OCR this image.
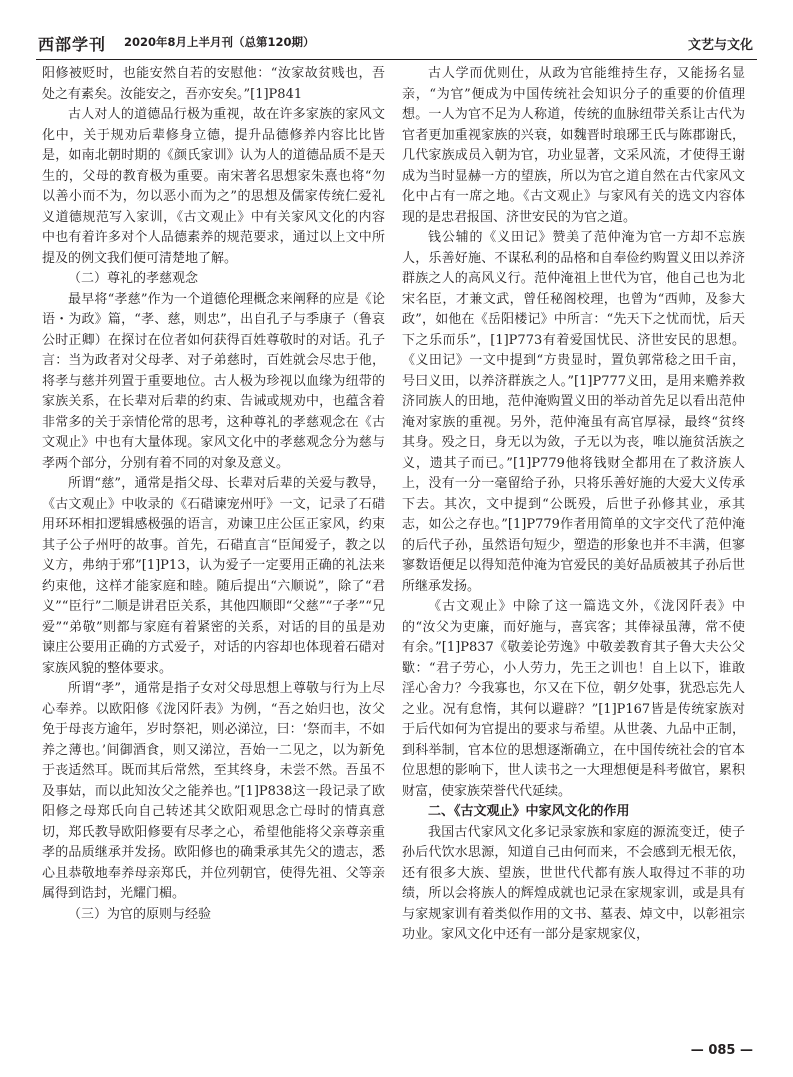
西部学刊 2020年8月上半月刊（总第120期）	文艺与文化

阳修被贬时，也能安然自若的安慰他：“汝家故贫贱也，吾处之有素矣。汝能安之，吾亦安矣。”[1]P841

古人对人的道德品行极为重视，故在许多家族的家风文化中，关于规劝后辈修身立德，提升品德修养内容比比皆是，如南北朝时期的《颜氏家训》认为人的道德品质不是天生的，父母的教育极为重要。南宋著名思想家朱熹也将“勿以善小而不为，勿以恶小而为之”的思想及儒家传统仁爱礼义道德规范写入家训，《古文观止》中有关家风文化的内容中也有着许多对个人品德素养的规范要求，通过以上文中所提及的例文我们便可清楚地了解。

（二）尊礼的孝慈观念

最早将“孝慈”作为一个道德伦理概念来阐释的应是《论语・为政》篇，“孝、慈，则忠”，出自孔子与季康子（鲁哀公时正卿）在探讨在位者如何获得百姓尊敬时的对话。孔子言：当为政者对父母孝、对子弟慈时，百姓就会尽忠于他，将孝与慈并列置于重要地位。古人极为珍视以血缘为纽带的家族关系，在长辈对后辈的约束、告诫或规劝中，也蕴含着非常多的关于亲情伦常的思考，这种尊礼的孝慈观念在《古文观止》中也有大量体现。家风文化中的孝慈观念分为慈与孝两个部分，分别有着不同的对象及意义。

所谓“慈”，通常是指父母、长辈对后辈的关爱与教导，《古文观止》中收录的《石碏谏宠州吁》一文，记录了石碏用环环相扣逻辑感极强的语言，劝谏卫庄公匡正家风，约束其子公子州吁的故事。首先，石碏直言“臣闻爱子，教之以义方，弗纳于邪”[1]P13，认为爱子一定要用正确的礼法来约束他，这样才能家庭和睦。随后提出“六顺说”，除了“君义”“臣行”二顺是讲君臣关系，其他四顺即“父慈”“子孝”“兄爱”“弟敬”则都与家庭有着紧密的关系，对话的目的虽是劝谏庄公要用正确的方式爱子，对话的内容却也体现着石碏对家族风貌的整体要求。

所谓“孝”，通常是指子女对父母思想上尊敬与行为上尽心奉养。以欧阳修《泷冈阡表》为例，“吾之始归也，汝父免于母丧方逾年，岁时祭祀，则必涕泣，曰：‘祭而丰，不如养之薄也。’间御酒食，则又涕泣，吾始一二见之，以为新免于丧适然耳。既而其后常然，至其终身，未尝不然。吾虽不及事姑，而以此知汝父之能养也。”[1]P838这一段记录了欧阳修之母郑氏向自己转述其父欧阳观思念亡母时的情真意切，郑氏教导欧阳修要有尽孝之心，希望他能将父亲尊亲重孝的品质继承并发扬。欧阳修也的确秉承其先父的遗志，悉心且恭敬地奉养母亲郑氏，并位列朝官，使得先祖、父等亲属得到诰封，光耀门楣。

（三）为官的原则与经验

古人学而优则仕，从政为官能维持生存，又能扬名显亲，“为官”便成为中国传统社会知识分子的重要的价值理想。一人为官不足为人称道，传统的血脉纽带关系让古代为官者更加重视家族的兴衰，如魏晋时琅琊王氏与陈郡谢氏，几代家族成员入朝为官，功业显著，文采风流，才使得王谢成为当时显赫一方的望族，所以为官之道自然在古代家风文化中占有一席之地。《古文观止》与家风有关的选文内容体现的是忠君报国、济世安民的为官之道。

钱公辅的《义田记》赞美了范仲淹为官一方却不忘族人，乐善好施、不谋私利的品格和自奉俭约购置义田以养济群族之人的高风义行。范仲淹祖上世代为官，他自己也为北宋名臣，才兼文武，曾任秘阁校理，也曾为“西帅，及参大政”，如他在《岳阳楼记》中所言：“先天下之忧而忧，后天下之乐而乐”，[1]P773有着爱国忧民、济世安民的思想。《义田记》一文中提到“方贵显时，置负郭常稔之田千亩，号曰义田，以养济群族之人。”[1]P777义田，是用来赡养救济同族人的田地，范仲淹购置义田的举动首先足以看出范仲淹对家族的重视。另外，范仲淹虽有高官厚禄，最终“贫终其身。殁之日，身无以为敛，子无以为丧，唯以施贫活族之义，遗其子而已。”[1]P779他将钱财全都用在了救济族人上，没有一分一毫留给子孙，只将乐善好施的大爱大义传承下去。其次，文中提到“公既殁，后世子孙修其业，承其志，如公之存也。”[1]P779作者用简单的文字交代了范仲淹的后代子孙，虽然语句短少，塑造的形象也并不丰满，但寥寥数语便足以得知范仲淹为官爱民的美好品质被其子孙后世所继承发扬。

《古文观止》中除了这一篇选文外，《泷冈阡表》中的“汝父为吏廉，而好施与，喜宾客；其俸禄虽薄，常不使有余。”[1]P837《敬姜论劳逸》中敬姜教育其子鲁大夫公父歜：“君子劳心，小人劳力，先王之训也！自上以下，谁敢淫心舍力？今我寡也，尔又在下位，朝夕处事，犹恐忘先人之业。况有怠惰，其何以避辟？”[1]P167皆是传统家族对于后代如何为官提出的要求与希望。从世袭、九品中正制，到科举制，官本位的思想逐渐确立，在中国传统社会的官本位思想的影响下，世人读书之一大理想便是科考做官，累积财富，使家族荣誉代代延续。

二、《古文观止》中家风文化的作用

我国古代家风文化多记录家族和家庭的源流变迁，使子孙后代饮水思源，知道自己由何而来，不会感到无根无依，还有很多大族、望族，世世代代都有族人取得过不菲的功绩，所以会将族人的辉煌成就也记录在家规家训，或是具有与家规家训有着类似作用的文书、墓表、焯文中，以彰祖宗功业。家风文化中还有一部分是家规家仪，

— 085 —
